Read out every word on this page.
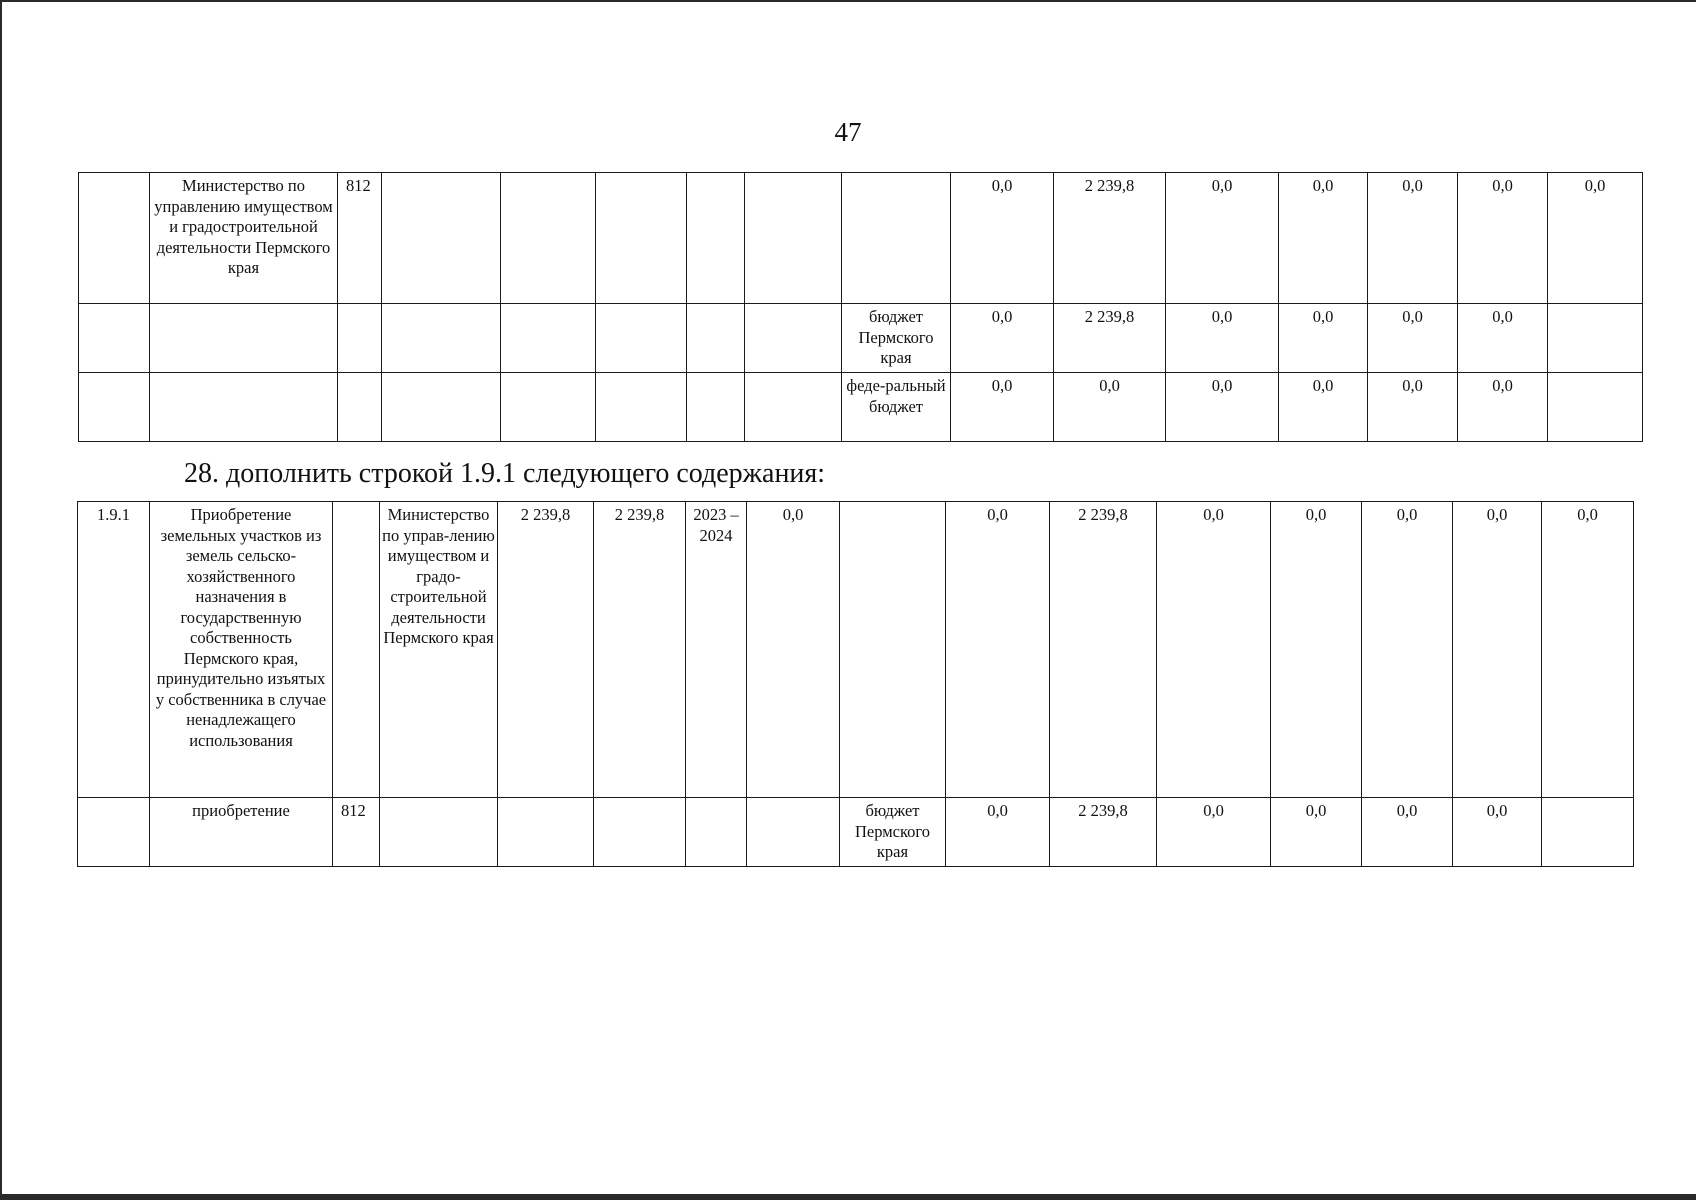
47
	Министерство по управлению имуществом и градостроительной деятельности Пермского края	812							0,0	2 239,8	0,0	0,0	0,0	0,0	0,0
								бюджет Пермского края	0,0	2 239,8	0,0	0,0	0,0	0,0	
								феде-ральный бюджет	0,0	0,0	0,0	0,0	0,0	0,0	
28. дополнить строкой 1.9.1 следующего содержания:
1.9.1	Приобретение земельных участков из земель сельско-хозяйственного назначения в государственную собственность Пермского края, принудительно изъятых у собственника в случае ненадлежащего использования		Министерство по управ-лению имуществом и градо-строительной деятельности Пермского края	2 239,8	2 239,8	2023 – 2024	0,0		0,0	2 239,8	0,0	0,0	0,0	0,0	0,0
	приобретение	812						бюджет Пермского края	0,0	2 239,8	0,0	0,0	0,0	0,0	
